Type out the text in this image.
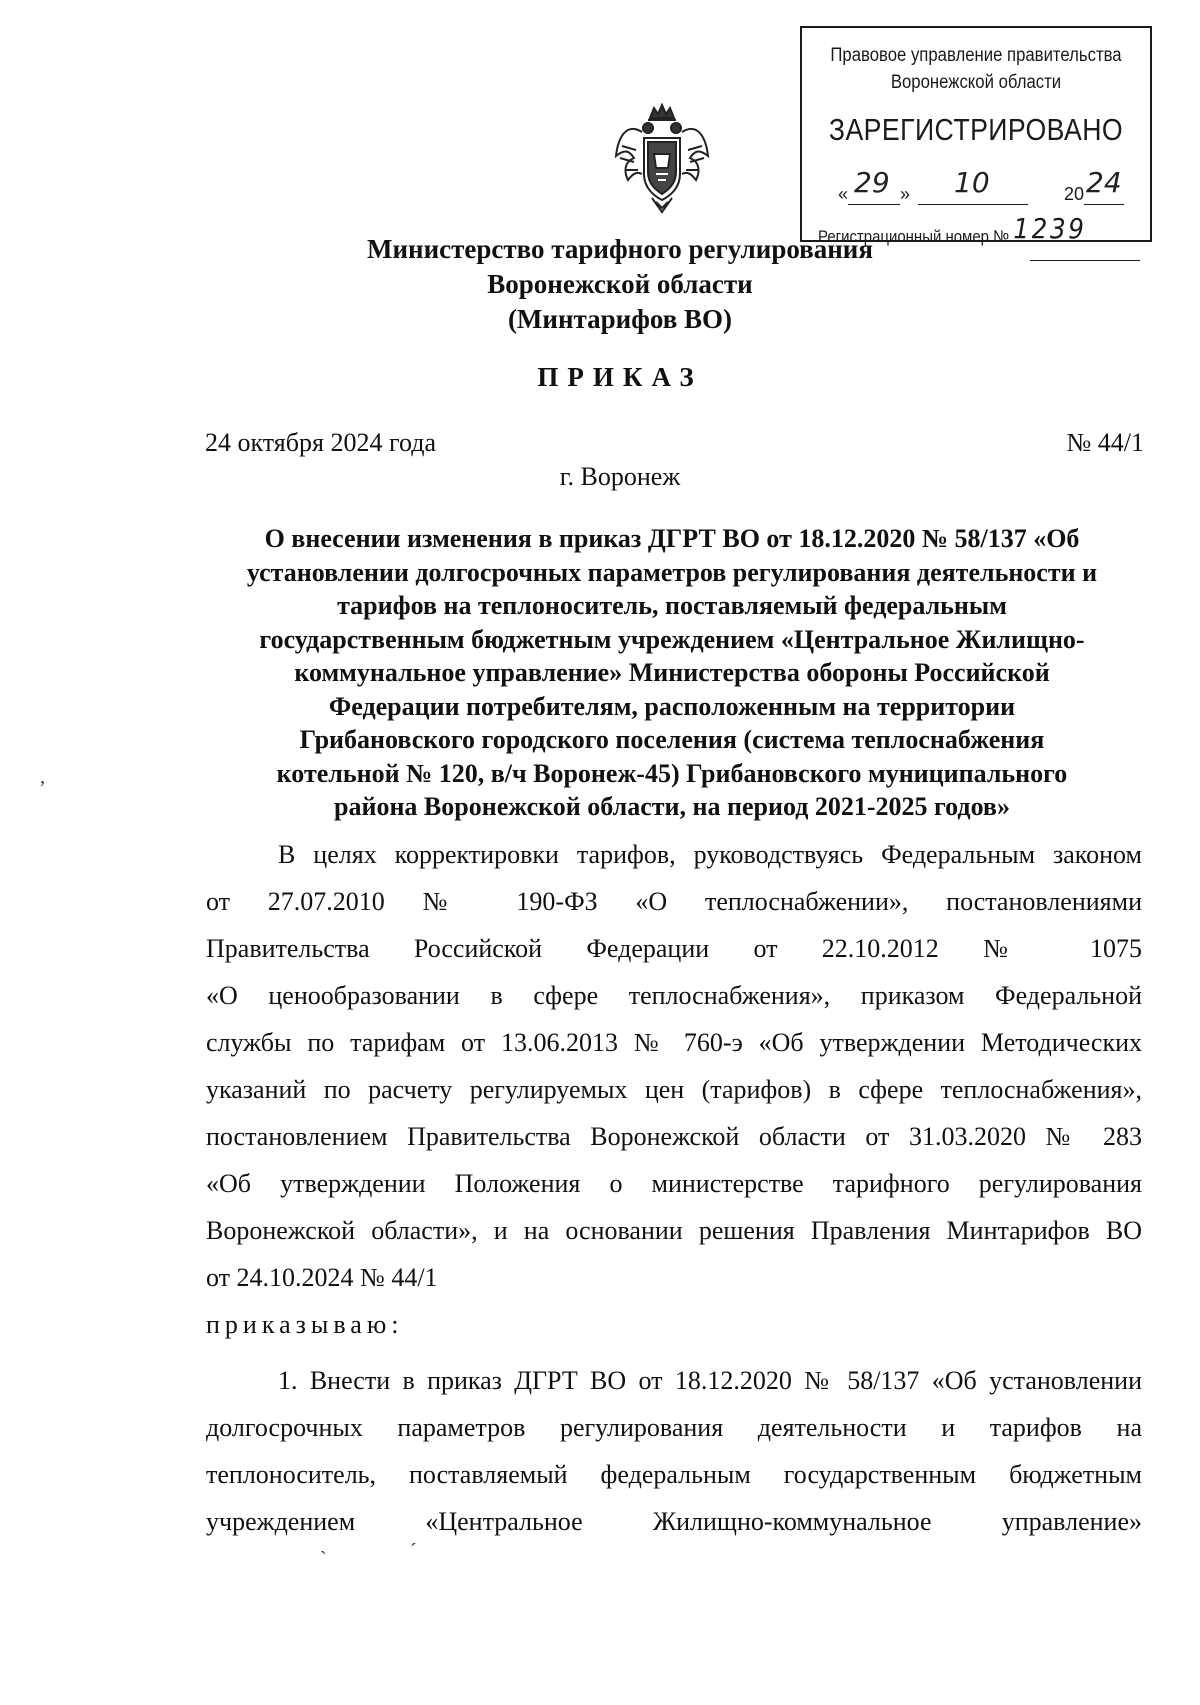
Правовое управление правительства
Воронежской области
ЗАРЕГИСТРИРОВАНО
« 29 » 10	20 24
Регистрационный номер № 1239
Министерство тарифного регулирования
Воронежской области
(Минтарифов ВО)
ПРИКАЗ
24 октября 2024 года	№ 44/1
г. Воронеж
О внесении изменения в приказ ДГРТ ВО от 18.12.2020 № 58/137 «Об
установлении долгосрочных параметров регулирования деятельности и
тарифов на теплоноситель, поставляемый федеральным
государственным бюджетным учреждением «Центральное Жилищно-
коммунальное управление» Министерства обороны Российской
Федерации потребителям, расположенным на территории
Грибановского городского поселения (система теплоснабжения
котельной № 120, в/ч Воронеж-45) Грибановского муниципального
района Воронежской области, на период 2021-2025 годов»
В целях корректировки тарифов, руководствуясь Федеральным законом
от 27.07.2010 № 190-ФЗ «О теплоснабжении», постановлениями
Правительства Российской Федерации от 22.10.2012 № 1075
«О ценообразовании в сфере теплоснабжения», приказом Федеральной
службы по тарифам от 13.06.2013 № 760-э «Об утверждении Методических
указаний по расчету регулируемых цен (тарифов) в сфере теплоснабжения»,
постановлением Правительства Воронежской области от 31.03.2020 № 283
«Об утверждении Положения о министерстве тарифного регулирования
Воронежской области», и на основании решения Правления Минтарифов ВО
от 24.10.2024 № 44/1
приказываю:
1. Внести в приказ ДГРТ ВО от 18.12.2020 № 58/137 «Об установлении
долгосрочных параметров регулирования деятельности и тарифов на
теплоноситель, поставляемый федеральным государственным бюджетным
учреждением «Центральное Жилищно-коммунальное управление»
,
ˋ	ˊ
